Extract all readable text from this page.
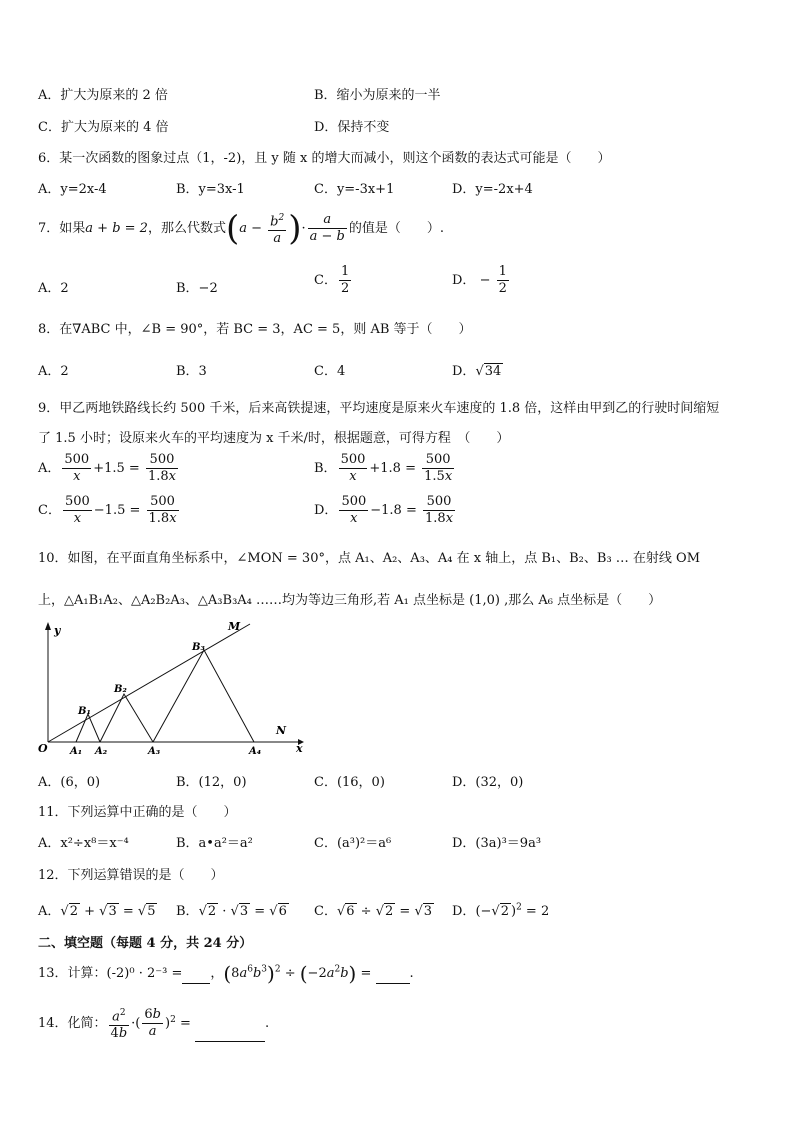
A．扩大为原来的 2 倍	B．缩小为原来的一半
C．扩大为原来的 4 倍	D．保持不变
6．某一次函数的图象过点（1，-2)，且 y 随 x 的增大而减小，则这个函数的表达式可能是（　　）
A．y=2x-4	B．y=3x-1	C．y=-3x+1	D．y=-2x+4
7．如果a + b = 2，那么代数式($a - \frac{b^2}{a}$ )· $\frac{a}{a - b}$ 的值是（　　）.
A．2	B．−2
C． $\frac{1}{2}$	D． − $\frac{1}{2}$
8．在∇ABC 中，∠B = 90°，若 BC = 3，AC = 5，则 AB 等于（　　）
A．2	B．3	C．4	D．√34
9．甲乙两地铁路线长约 500 千米，后来高铁提速，平均速度是原来火车速度的 1.8 倍，这样由甲到乙的行驶时间缩短
了 1.5 小时；设原来火车的平均速度为 x 千米/时，根据题意，可得方程　（　　）
A． $\frac{500}{x} +1.5 = \frac{500}{1.8x}$	B． $\frac{500}{x} +1.8 = \frac{500}{1.5x}$
C． $\frac{500}{x} -1.5 = \frac{500}{1.8x}$	D． $\frac{500}{x} -1.8 = \frac{500}{1.8x}$
10．如图，在平面直角坐标系中，∠MON = 30°，点 A₁、A₂、A₃、A₄ 在 x 轴上，点 B₁、B₂、B₃ … 在射线 OM
上，△A₁B₁A₂、△A₂B₂A₃、△A₃B₃A₄ ……均为等边三角形,若 A₁ 点坐标是 (1,0) ,那么 A₆ 点坐标是（　　）
y
x
O
M
N
A₁ A₂	A₃	A₄
B₁
B₂
B₃
A．(6，0)	B．(12，0)	C．(16，0)	D．(32，0)
11．下列运算中正确的是（　　）
A．x²÷x⁸＝x⁻⁴	B．a•a²＝a²	C．(a³)²＝a⁶	D．(3a)³＝9a³
12．下列运算错误的是（　　）
A．√2 + √3 = √5 B．√2 · √3 = √6 C．√6 ÷ √2 = √3 D．(−√2 )$^2$ = 2
二、填空题（每题 4 分，共 24 分）
13．计算：(-2)⁰ · 2⁻³ = ，$(8a^6b^3)^2 \div (-2a^2b)$ =	.
14．化简： $\frac{a^2}{4b}$ ·( $\frac{6b}{a} )^2$ =	.
